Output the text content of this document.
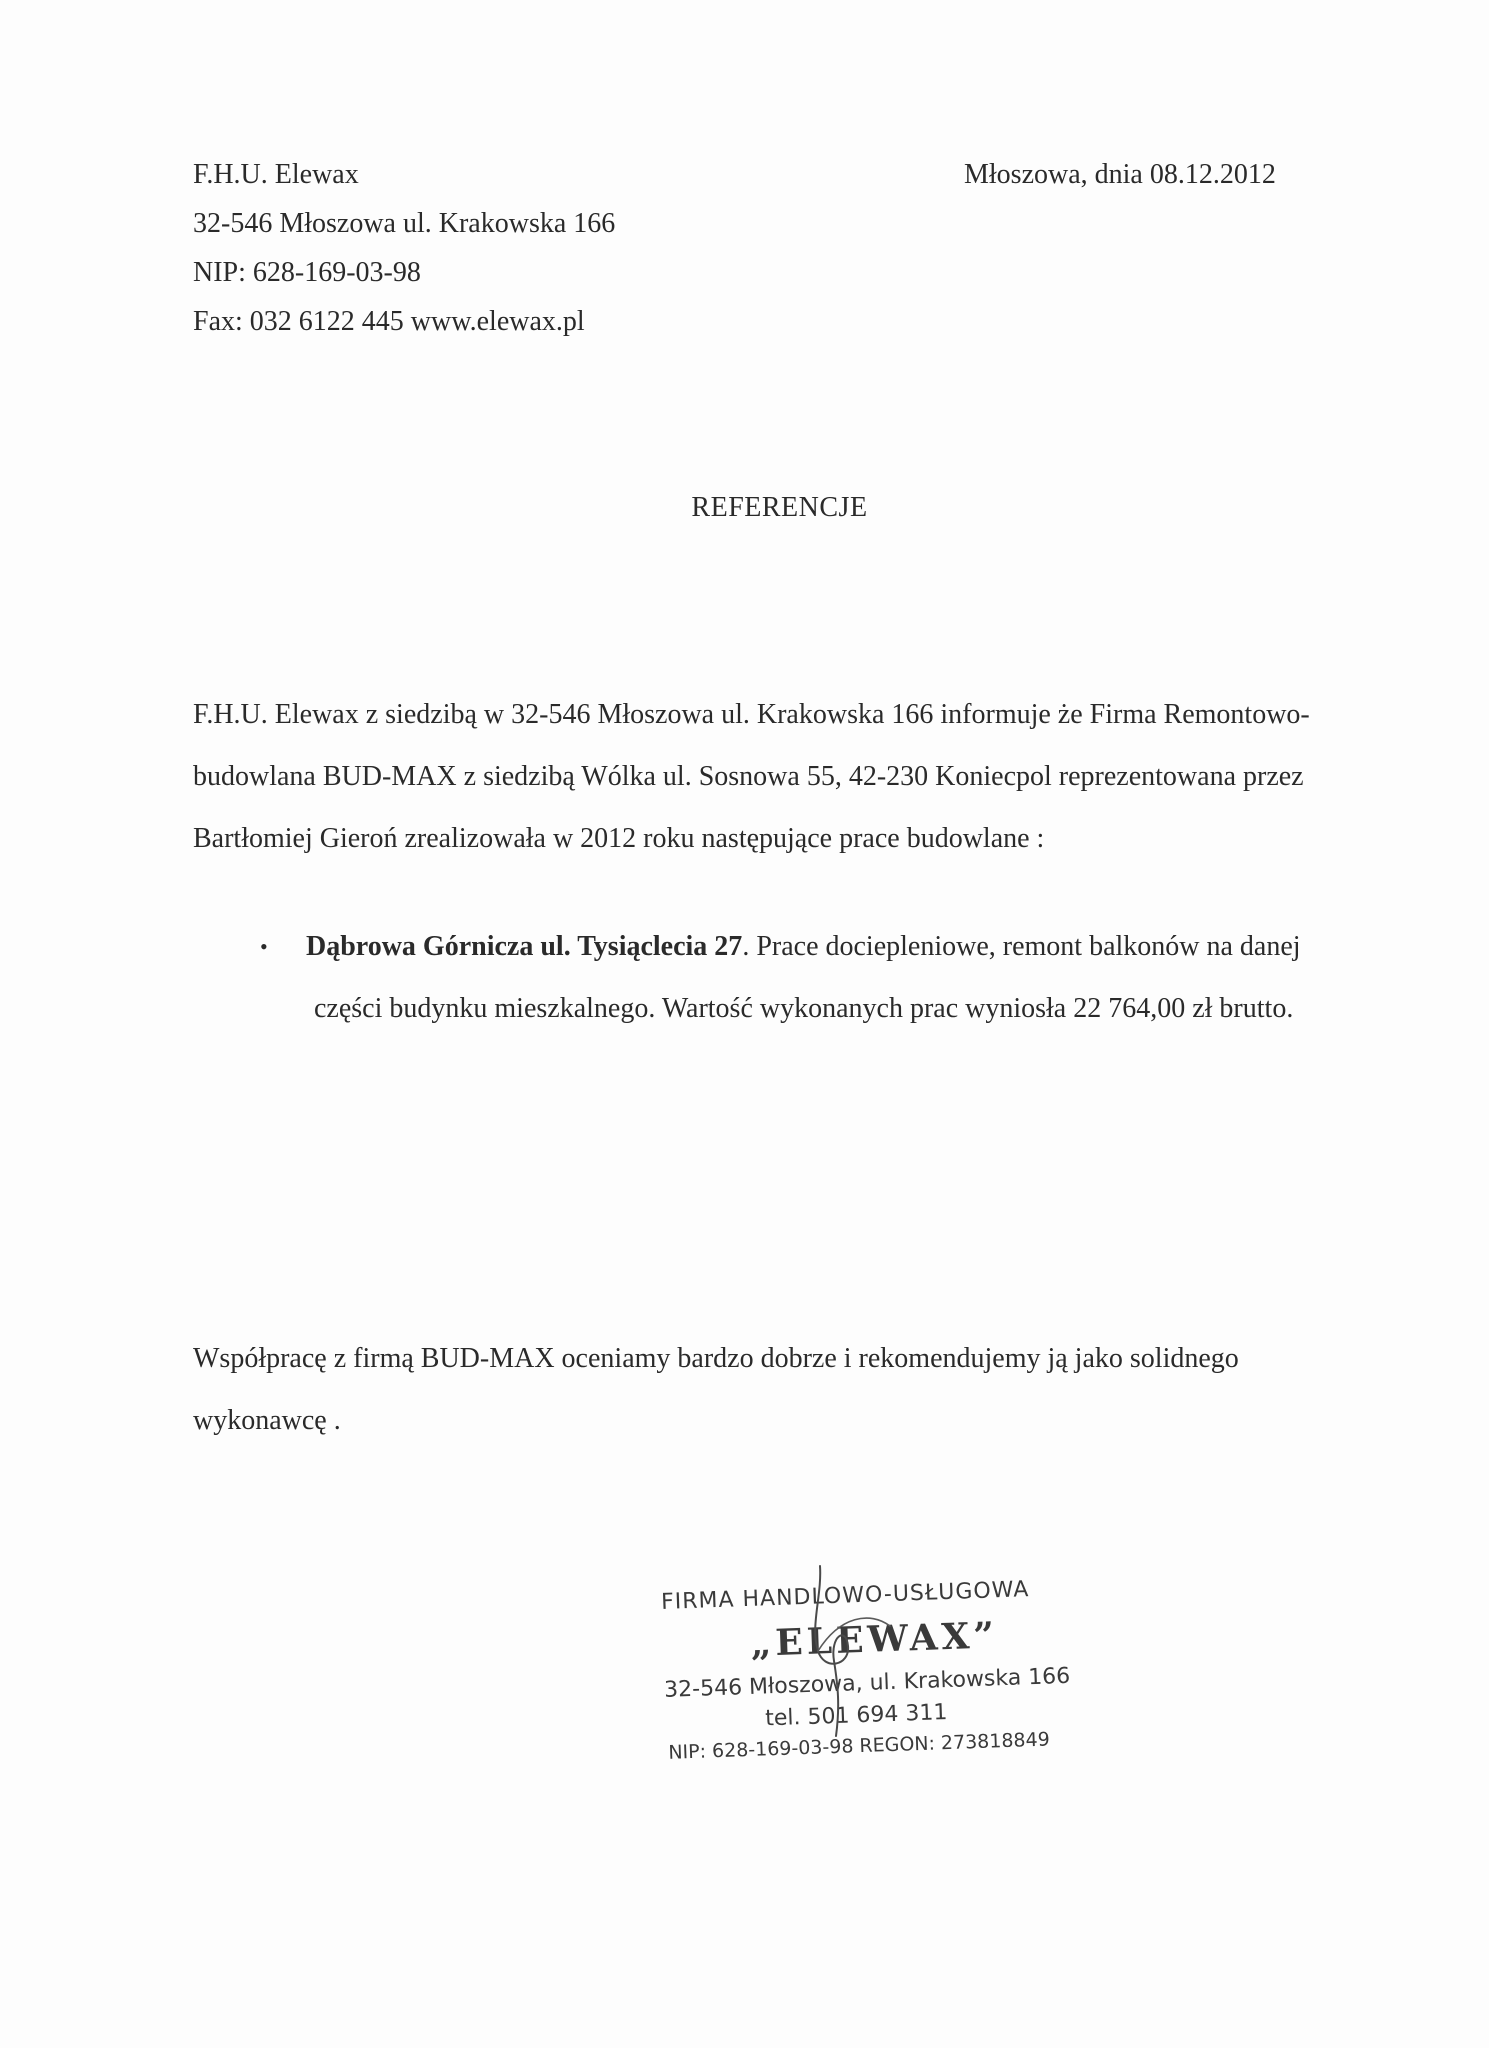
F.H.U. Elewax
32-546 Młoszowa ul. Krakowska 166
NIP: 628-169-03-98
Fax: 032 6122 445 www.elewax.pl
Młoszowa, dnia 08.12.2012
REFERENCJE
F.H.U. Elewax z siedzibą w 32-546 Młoszowa ul. Krakowska 166 informuje że Firma Remontowo-
budowlana BUD-MAX z siedzibą Wólka ul. Sosnowa 55, 42-230 Koniecpol reprezentowana przez
Bartłomiej Gieroń zrealizowała w 2012 roku następujące prace budowlane :
• Dąbrowa Górnicza ul. Tysiąclecia 27. Prace dociepleniowe, remont balkonów na danej
części budynku mieszkalnego. Wartość wykonanych prac wyniosła 22 764,00 zł brutto.
Współpracę z firmą BUD-MAX oceniamy bardzo dobrze i rekomendujemy ją jako solidnego
wykonawcę .
FIRMA HANDLOWO-USŁUGOWA
„ELEWAX”
32-546 Młoszowa, ul. Krakowska 166
tel. 501 694 311
NIP: 628-169-03-98 REGON: 273818849
